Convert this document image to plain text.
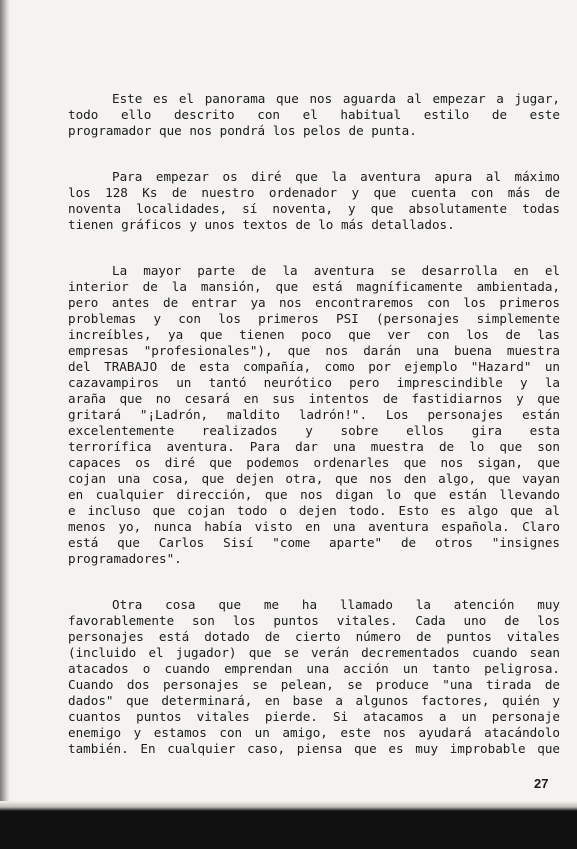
Este es el panorama que nos aguarda al empezar a jugar,
todo ello descrito con el habitual estilo de este
programador que nos pondrá los pelos de punta.

Para empezar os diré que la aventura apura al máximo
los 128 Ks de nuestro ordenador y que cuenta con más de
noventa localidades, sí noventa, y que absolutamente todas
tienen gráficos y unos textos de lo más detallados.

La mayor parte de la aventura se desarrolla en el
interior de la mansión, que está magníficamente ambientada,
pero antes de entrar ya nos encontraremos con los primeros
problemas y con los primeros PSI (personajes simplemente
increíbles, ya que tienen poco que ver con los de las
empresas "profesionales"), que nos darán una buena muestra
del TRABAJO de esta compañía, como por ejemplo "Hazard" un
cazavampiros un tantó neurótico pero imprescindible y la
araña que no cesará en sus intentos de fastidiarnos y que
gritará "¡Ladrón, maldito ladrón!". Los personajes están
excelentemente realizados y sobre ellos gira esta
terrorífica aventura. Para dar una muestra de lo que son
capaces os diré que podemos ordenarles que nos sigan, que
cojan una cosa, que dejen otra, que nos den algo, que vayan
en cualquier dirección, que nos digan lo que están llevando
e incluso que cojan todo o dejen todo. Esto es algo que al
menos yo, nunca había visto en una aventura española. Claro
está que Carlos Sisí "come aparte" de otros "insignes
programadores".

Otra cosa que me ha llamado la atención muy
favorablemente son los puntos vitales. Cada uno de los
personajes está dotado de cierto número de puntos vitales
(incluido el jugador) que se verán decrementados cuando sean
atacados o cuando emprendan una acción un tanto peligrosa.
Cuando dos personajes se pelean, se produce "una tirada de
dados" que determinará, en base a algunos factores, quién y
cuantos puntos vitales pierde. Si atacamos a un personaje
enemigo y estamos con un amigo, este nos ayudará atacándolo
también. En cualquier caso, piensa que es muy improbable que

27
